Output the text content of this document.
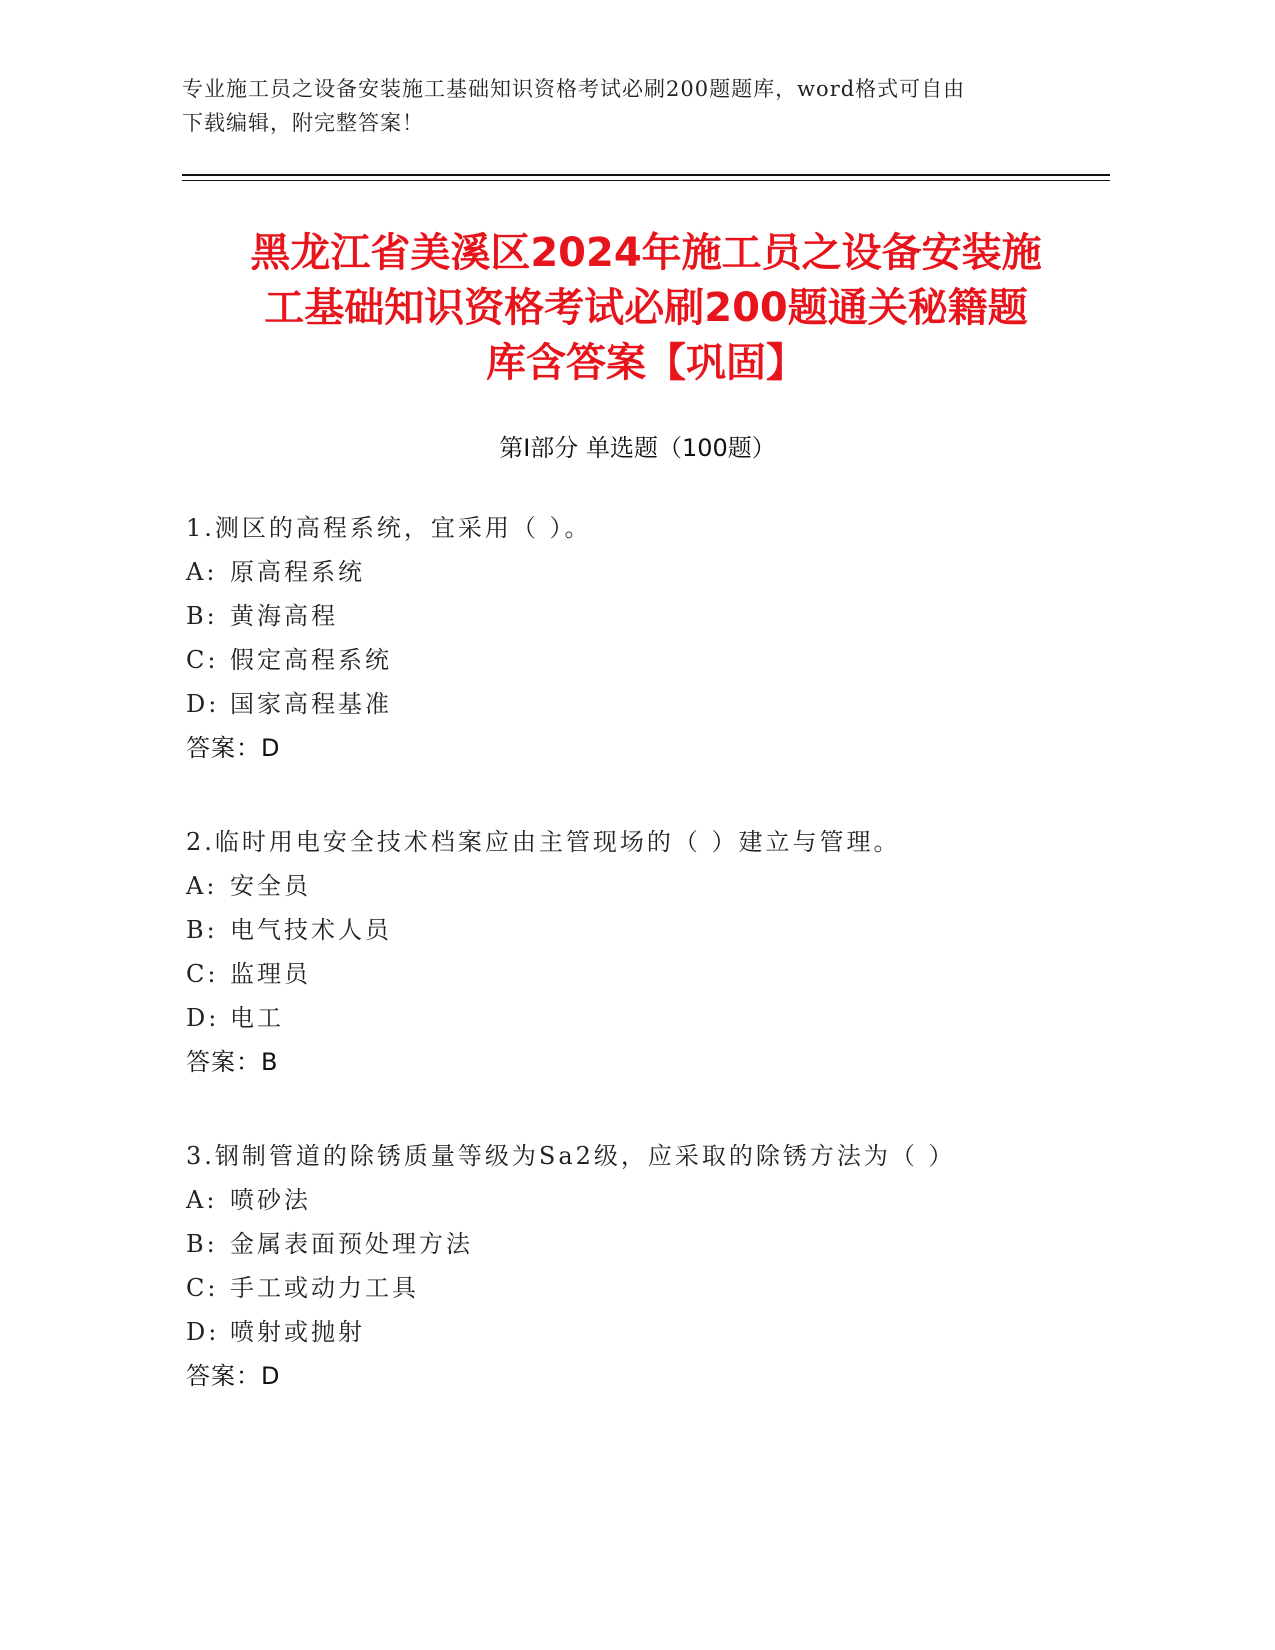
专业施工员之设备安装施工基础知识资格考试必刷200题题库，word格式可自由
下载编辑，附完整答案！
黑龙江省美溪区2024年施工员之设备安装施
工基础知识资格考试必刷200题通关秘籍题
库含答案【巩固】
第Ⅰ部分 单选题（100题）
1.测区的高程系统，宜采用（ ）。
A: 原高程系统
B: 黄海高程
C: 假定高程系统
D: 国家高程基准
答案：D
2.临时用电安全技术档案应由主管现场的（ ）建立与管理。
A: 安全员
B: 电气技术人员
C: 监理员
D: 电工
答案：B
3.钢制管道的除锈质量等级为Sa2级，应采取的除锈方法为（ ）
A: 喷砂法
B: 金属表面预处理方法
C: 手工或动力工具
D: 喷射或抛射
答案：D
